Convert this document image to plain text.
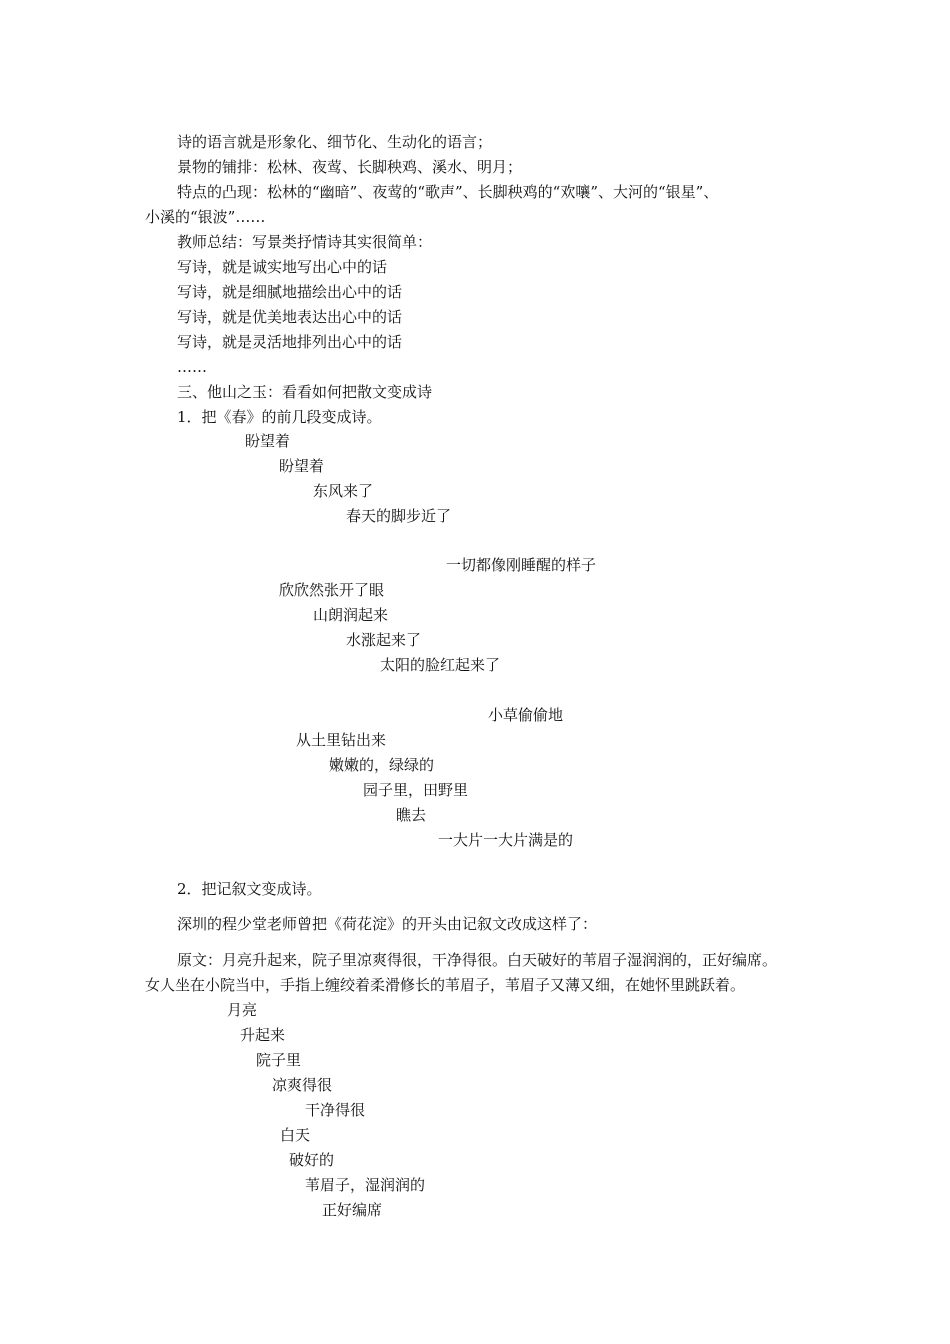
诗的语言就是形象化、细节化、生动化的语言；
景物的铺排：松林、夜莺、长脚秧鸡、溪水、明月；
特点的凸现：松林的“幽暗”、夜莺的“歌声”、长脚秧鸡的“欢嚷”、大河的“银星”、
小溪的“银波”……
教师总结：写景类抒情诗其实很简单：
写诗，就是诚实地写出心中的话
写诗，就是细腻地描绘出心中的话
写诗，就是优美地表达出心中的话
写诗，就是灵活地排列出心中的话
……
三、他山之玉：看看如何把散文变成诗
1．把《春》的前几段变成诗。
盼望着
盼望着
东风来了
春天的脚步近了
一切都像刚睡醒的样子
欣欣然张开了眼
山朗润起来
水涨起来了
太阳的脸红起来了
小草偷偷地
从土里钻出来
嫩嫩的，绿绿的
园子里，田野里
瞧去
一大片一大片满是的
2．把记叙文变成诗。
深圳的程少堂老师曾把《荷花淀》的开头由记叙文改成这样了：
原文：月亮升起来，院子里凉爽得很，干净得很。白天破好的苇眉子湿润润的，正好编席。
女人坐在小院当中，手指上缠绞着柔滑修长的苇眉子，苇眉子又薄又细，在她怀里跳跃着。
月亮
升起来
院子里
凉爽得很
干净得很
白天
破好的
苇眉子，湿润润的
正好编席
